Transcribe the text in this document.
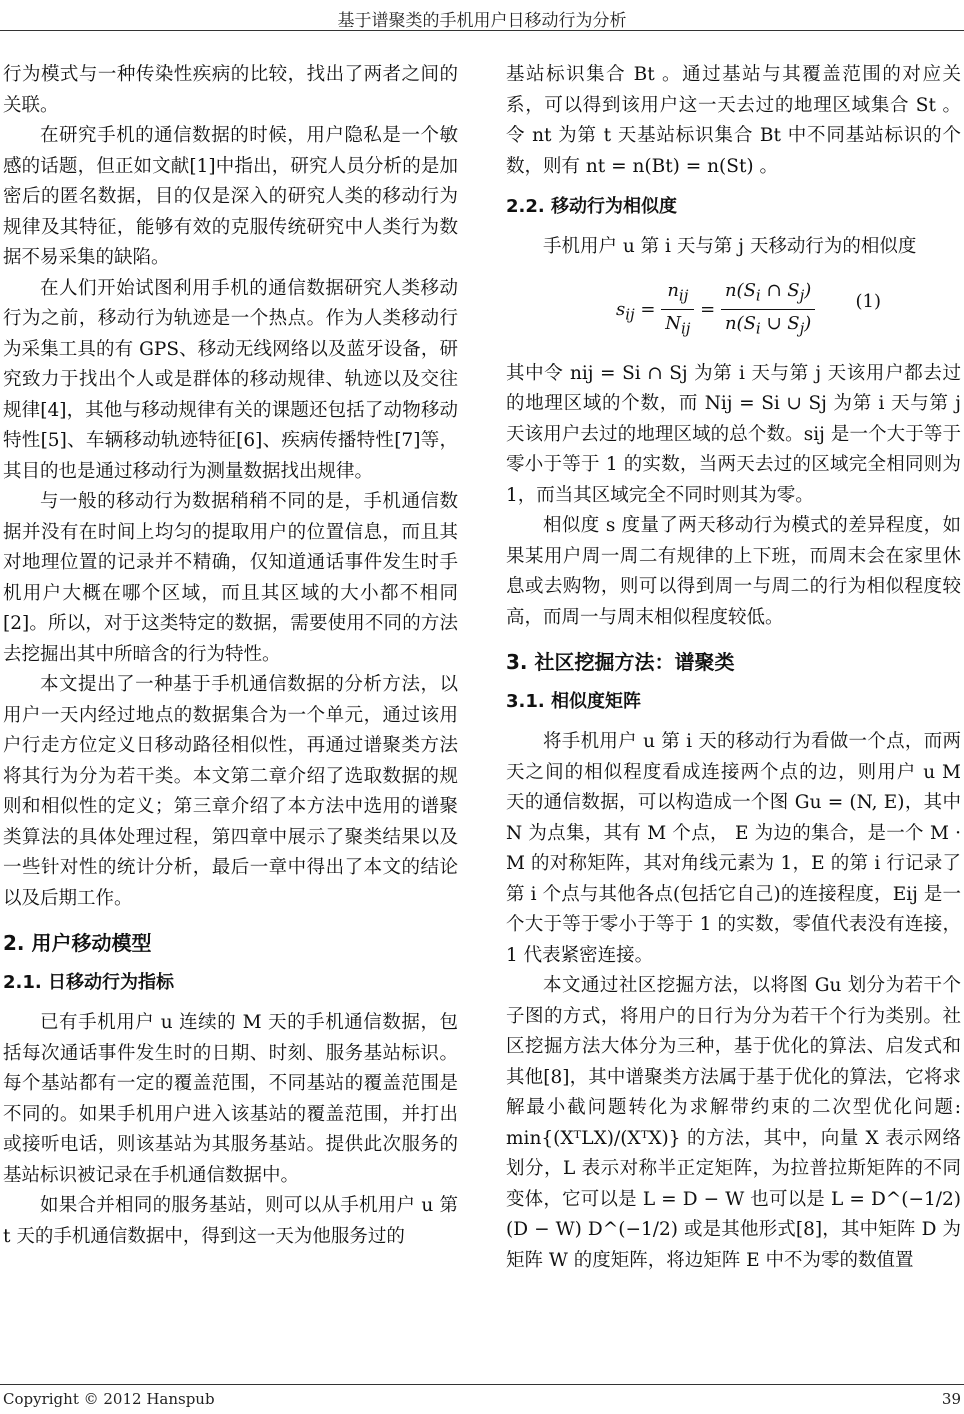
基于谱聚类的手机用户日移动行为分析

行为模式与一种传染性疾病的比较，找出了两者之间的关联。

在研究手机的通信数据的时候，用户隐私是一个敏感的话题，但正如文献[1]中指出，研究人员分析的是加密后的匿名数据，目的仅是深入的研究人类的移动行为规律及其特征，能够有效的克服传统研究中人类行为数据不易采集的缺陷。

在人们开始试图利用手机的通信数据研究人类移动行为之前，移动行为轨迹是一个热点。作为人类移动行为采集工具的有 GPS、移动无线网络以及蓝牙设备，研究致力于找出个人或是群体的移动规律、轨迹以及交往规律[4]，其他与移动规律有关的课题还包括了动物移动特性[5]、车辆移动轨迹特征[6]、疾病传播特性[7]等，其目的也是通过移动行为测量数据找出规律。

与一般的移动行为数据稍稍不同的是，手机通信数据并没有在时间上均匀的提取用户的位置信息，而且其对地理位置的记录并不精确，仅知道通话事件发生时手机用户大概在哪个区域，而且其区域的大小都不相同[2]。所以，对于这类特定的数据，需要使用不同的方法去挖掘出其中所暗含的行为特性。

本文提出了一种基于手机通信数据的分析方法，以用户一天内经过地点的数据集合为一个单元，通过该用户行走方位定义日移动路径相似性，再通过谱聚类方法将其行为分为若干类。本文第二章介绍了选取数据的规则和相似性的定义；第三章介绍了本方法中选用的谱聚类算法的具体处理过程，第四章中展示了聚类结果以及一些针对性的统计分析，最后一章中得出了本文的结论以及后期工作。

2. 用户移动模型
2.1. 日移动行为指标

已有手机用户 u 连续的 M 天的手机通信数据，包括每次通话事件发生时的日期、时刻、服务基站标识。每个基站都有一定的覆盖范围，不同基站的覆盖范围是不同的。如果手机用户进入该基站的覆盖范围，并打出或接听电话，则该基站为其服务基站。提供此次服务的基站标识被记录在手机通信数据中。

如果合并相同的服务基站，则可以从手机用户 u 第 t 天的手机通信数据中，得到这一天为他服务过的

基站标识集合 Bt 。通过基站与其覆盖范围的对应关系，可以得到该用户这一天去过的地理区域集合 St 。令 nt 为第 t 天基站标识集合 Bt 中不同基站标识的个数，则有 nt = n(Bt) = n(St) 。

2.2. 移动行为相似度

手机用户 u 第 i 天与第 j 天移动行为的相似度

$s_{ij} = \frac{n_{ij}}{N_{ij}} = \frac{n(S_i \cap S_j)}{n(S_i \cup S_j)} (1)$

其中令 nij = Si ∩ Sj 为第 i 天与第 j 天该用户都去过的地理区域的个数，而 Nij = Si ∪ Sj 为第 i 天与第 j 天该用户去过的地理区域的总个数。sij 是一个大于等于零小于等于 1 的实数，当两天去过的区域完全相同则为 1，而当其区域完全不同时则其为零。

相似度 s 度量了两天移动行为模式的差异程度，如果某用户周一周二有规律的上下班，而周末会在家里休息或去购物，则可以得到周一与周二的行为相似程度较高，而周一与周末相似程度较低。

3. 社区挖掘方法：谱聚类
3.1. 相似度矩阵

将手机用户 u 第 i 天的移动行为看做一个点，而两天之间的相似程度看成连接两个点的边，则用户 u M 天的通信数据，可以构造成一个图 Gu = (N, E)，其中 N 为点集，其有 M 个点， E 为边的集合，是一个 M · M 的对称矩阵，其对角线元素为 1，E 的第 i 行记录了第 i 个点与其他各点(包括它自己)的连接程度，Eij 是一个大于等于零小于等于 1 的实数，零值代表没有连接，1 代表紧密连接。

本文通过社区挖掘方法，以将图 Gu 划分为若干个子图的方式，将用户的日行为分为若干个行为类别。社区挖掘方法大体分为三种，基于优化的算法、启发式和其他[8]，其中谱聚类方法属于基于优化的算法，它将求解最小截问题转化为求解带约束的二次型优化问题: min{(XᵀLX)/(XᵀX)} 的方法，其中，向量 X 表示网络划分，L 表示对称半正定矩阵，为拉普拉斯矩阵的不同变体，它可以是 L = D − W 也可以是 L = D^(−1/2) (D − W) D^(−1/2) 或是其他形式[8]，其中矩阵 D 为矩阵 W 的度矩阵，将边矩阵 E 中不为零的数值置

Copyright © 2012 Hanspub	39
